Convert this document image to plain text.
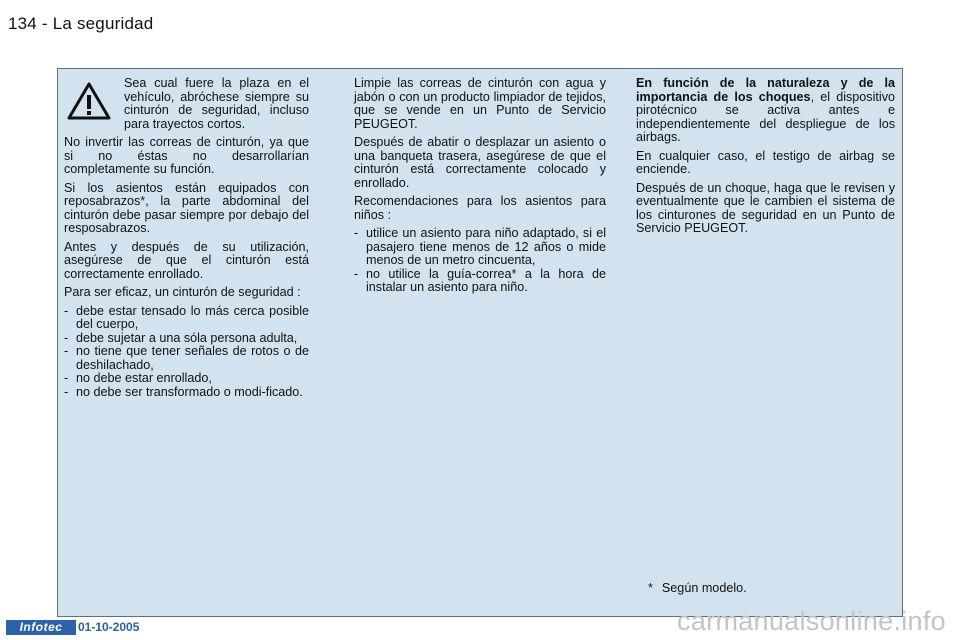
134 - La seguridad

Sea cual fuere la plaza en el vehículo, abróchese siempre su cinturón de seguridad, incluso para trayectos cortos.

No invertir las correas de cinturón, ya que si no éstas no desarrollarían completamente su función.

Si los asientos están equipados con reposabrazos*, la parte abdominal del cinturón debe pasar siempre por debajo del resposabrazos.

Antes y después de su utilización, asegúrese de que el cinturón está correctamente enrollado.

Para ser eficaz, un cinturón de seguridad :

- debe estar tensado lo más cerca posible del cuerpo,
- debe sujetar a una sóla persona adulta,
- no tiene que tener señales de rotos o de deshilachado,
- no debe estar enrollado,
- no debe ser transformado o modi-ficado.

Limpie las correas de cinturón con agua y jabón o con un producto limpiador de tejidos, que se vende en un Punto de Servicio PEUGEOT.

Después de abatir o desplazar un asiento o una banqueta trasera, asegúrese de que el cinturón está correctamente colocado y enrollado.

Recomendaciones para los asientos para niños :

- utilice un asiento para niño adaptado, si el pasajero tiene menos de 12 años o mide menos de un metro cincuenta,
- no utilice la guía-correa* a la hora de instalar un asiento para niño.

En función de la naturaleza y de la importancia de los choques, el dispositivo pirotécnico se activa antes e independientemente del despliegue de los airbags.

En cualquier caso, el testigo de airbag se enciende.

Después de un choque, haga que le revisen y eventualmente que le cambien el sistema de los cinturones de seguridad en un Punto de Servicio PEUGEOT.

* Según modelo.
Infotec	01-10-2005	carmanualsonline.info
